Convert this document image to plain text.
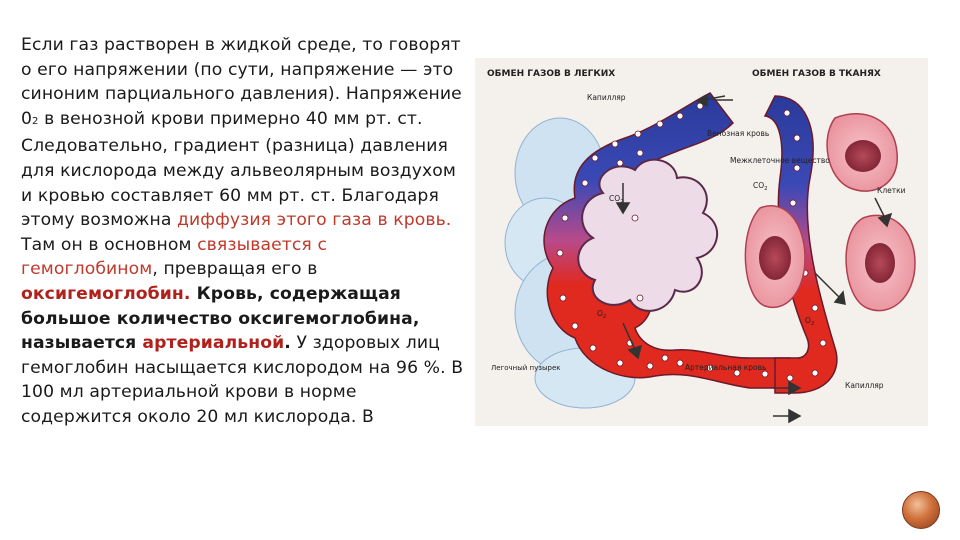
Если газ растворен в жидкой среде, то говорят о его напряжении (по сути, напряжение — это синоним парциального давления). Напряжение 02 в венозной крови примерно 40 мм рт. ст. Следовательно, градиент (разница) давления для кислорода между альвеолярным воздухом и кровью составляет 60 мм рт. ст. Благодаря этому возможна диффузия этого газа в кровь. Там он в основном связывается с гемоглобином, превращая его в оксигемоглобин. Кровь, содержащая большое количество оксигемоглобина, называется артериальной. У здоровых лиц гемоглобин насыщается кислородом на 96 %. В 100 мл артериальной крови в норме содержится около 20 мл кислорода. В
ОБМЕН ГАЗОВ В ЛЕГКИХ	ОБМЕН ГАЗОВ В ТКАНЯХ
Капилляр
Венозная кровь
Межклеточное вещество
$CO_2$	Клетки
$CO_2$
$O_2$	$O_2$
Легочный пузырек	Артериальная кровь
Капилляр
